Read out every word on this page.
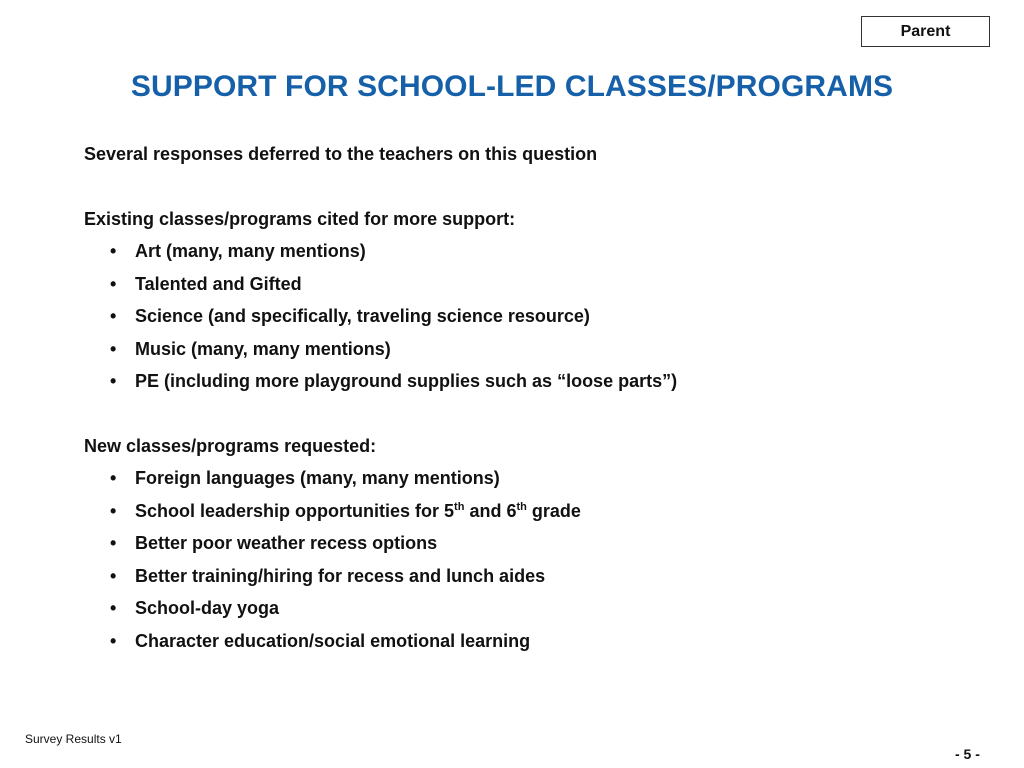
Parent
SUPPORT FOR SCHOOL-LED CLASSES/PROGRAMS
Several responses deferred to the teachers on this question
Existing classes/programs cited for more support:
• Art (many, many mentions)
• Talented and Gifted
• Science (and specifically, traveling science resource)
• Music (many, many mentions)
• PE (including more playground supplies such as “loose parts”)
New classes/programs requested:
• Foreign languages (many, many mentions)
• School leadership opportunities for 5th and 6th grade
• Better poor weather recess options
• Better training/hiring for recess and lunch aides
• School-day yoga
• Character education/social emotional learning
Survey Results v1
- 5 -
